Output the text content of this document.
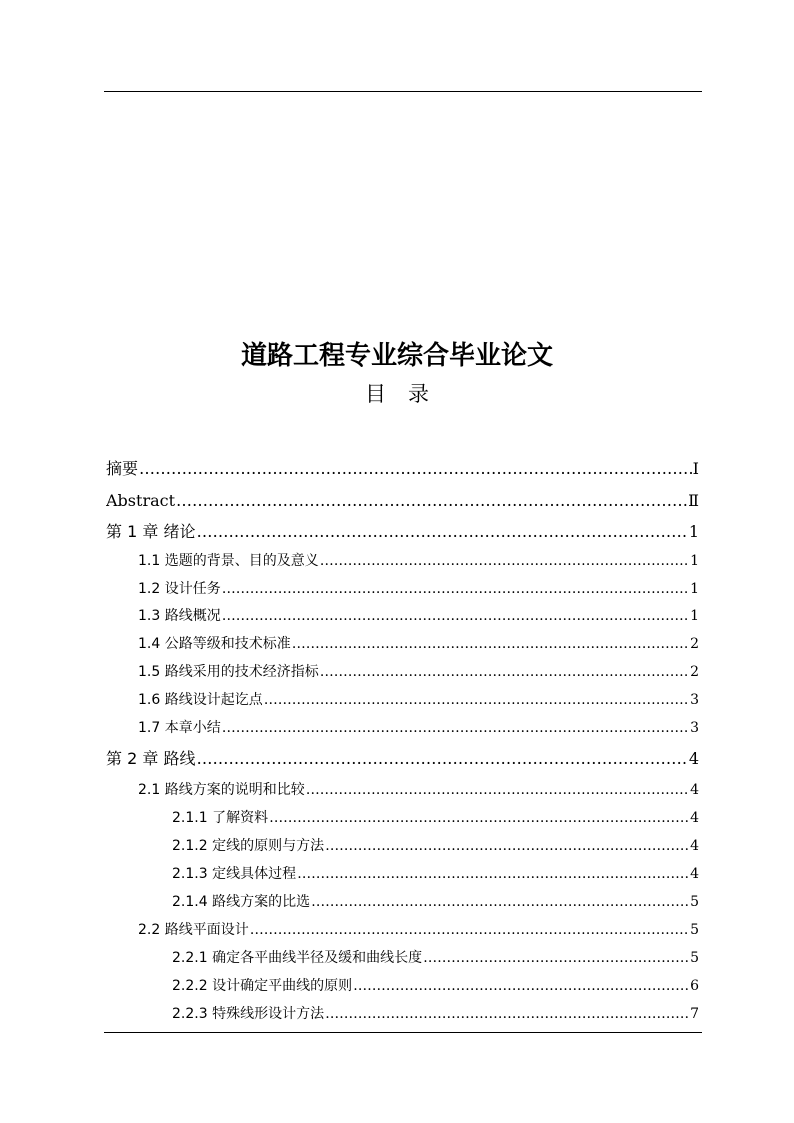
道路工程专业综合毕业论文
目录
摘要 ………………………………………………………………………………………………………………………………………………………………………………	Ⅰ
Abstract ………………………………………………………………………………………………………………………………………………………………………………	Ⅱ
第 1 章 绪论 ………………………………………………………………………………………………………………………………………………………………………………	1
1.1 选题的背景、目的及意义 ………………………………………………………………………………………………………………………………………………………………………………	1
1.2 设计任务 ………………………………………………………………………………………………………………………………………………………………………………	1
1.3 路线概况 ………………………………………………………………………………………………………………………………………………………………………………	1
1.4 公路等级和技术标准 ………………………………………………………………………………………………………………………………………………………………………………	2
1.5 路线采用的技术经济指标 ………………………………………………………………………………………………………………………………………………………………………………	2
1.6 路线设计起讫点 ………………………………………………………………………………………………………………………………………………………………………………	3
1.7 本章小结 ………………………………………………………………………………………………………………………………………………………………………………	3
第 2 章 路线 ………………………………………………………………………………………………………………………………………………………………………………	4
2.1 路线方案的说明和比较 ………………………………………………………………………………………………………………………………………………………………………………	4
2.1.1 了解资料 ………………………………………………………………………………………………………………………………………………………………………………	4
2.1.2 定线的原则与方法 ………………………………………………………………………………………………………………………………………………………………………………	4
2.1.3 定线具体过程 ………………………………………………………………………………………………………………………………………………………………………………	4
2.1.4 路线方案的比选 ………………………………………………………………………………………………………………………………………………………………………………	5
2.2 路线平面设计 ………………………………………………………………………………………………………………………………………………………………………………	5
2.2.1 确定各平曲线半径及缓和曲线长度 ………………………………………………………………………………………………………………………………………………………………………………	5
2.2.2 设计确定平曲线的原则 ………………………………………………………………………………………………………………………………………………………………………………	6
2.2.3 特殊线形设计方法 ………………………………………………………………………………………………………………………………………………………………………………	7
